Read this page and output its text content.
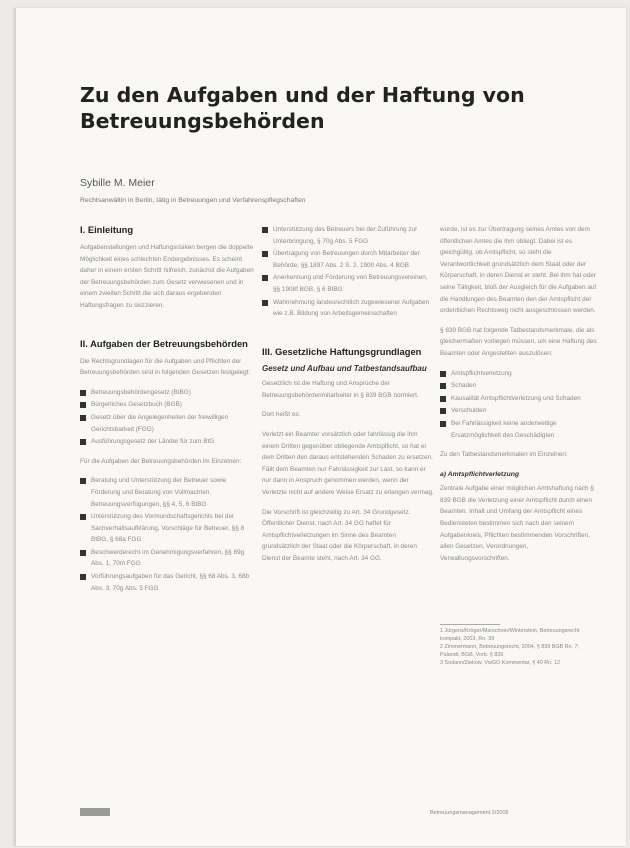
Zu den Aufgaben und der Haftung von Betreuungsbehörden
Sybille M. Meier
Rechtsanwältin in Berlin, tätig in Betreuungen und Verfahrenspflegschaften
I. Einleitung

Aufgabenstellungen und Haftungsrisiken bergen die doppelte Möglichkeit eines schlechten Endergebnisses. Es scheint daher in einem ersten Schritt hilfreich, zunächst die Aufgaben der Betreuungsbehörden zum Gesetz verwiesenen und in einem zweiten Schritt die sich daraus ergebenden Haftungsfragen zu skizzieren.

II. Aufgaben der Betreuungsbehörden

Die Rechtsgrundlagen für die Aufgaben und Pflichten der Betreuungsbehörden sind in folgenden Gesetzen festgelegt:

Betreuungsbehördengesetz (BtBG)
Bürgerliches Gesetzbuch (BGB)
Gesetz über die Angelegenheiten der freiwilligen Gerichtsbarkeit (FGG)
Ausführungsgesetz der Länder für zum BtG

Für die Aufgaben der Betreuungsbehörden im Einzelnen:

Beratung und Unterstützung der Betreuer sowie Förderung und Beratung von Vollmachten, Betreuungsverfügungen, §§ 4, 5, 6 BtBG
Unterstützung des Vormundschaftsgerichts bei der Sachverhaltsaufklärung, Vorschläge für Betreuer, §§ 8 BtBG, § 68a FGG
Beschwerderecht im Genehmigungsverfahren, §§ 69g Abs. 1, 70m FGG
Vorführungsaufgaben für das Gericht, §§ 68 Abs. 3, 68b Abs. 3, 70g Abs. 5 FGG
Unterstützung des Betreuers bei der Zuführung zur Unterbringung, § 70g Abs. 5 FGG
Übertragung von Betreuungen durch Mitarbeiter der Behörde, §§ 1897 Abs. 2 S. 2, 1900 Abs. 4 BGB
Anerkennung und Förderung von Betreuungsvereinen, §§ 1908f BGB, § 6 BtBG
Wahrnehmung landesrechtlich zugewiesener Aufgaben wie z.B. Bildung von Arbeitsgemeinschaften
III. Gesetzliche Haftungsgrundlagen
Gesetz und Aufbau und Tatbestandsaufbau

Gesetzlich ist die Haftung und Ansprüche der Betreuungsbehördenmitarbeiter in § 839 BGB normiert.

Dort heißt es:

Verletzt ein Beamter vorsätzlich oder fahrlässig die ihm einem Dritten gegenüber obliegende Amtspflicht, so hat er dem Dritten den daraus entstehenden Schaden zu ersetzen. Fällt dem Beamten nur Fahrlässigkeit zur Last, so kann er nur dann in Anspruch genommen werden, wenn der Verletzte nicht auf andere Weise Ersatz zu erlangen vermag.

Die Vorschrift ist gleichzeitig zu Art. 34 Grundgesetz. Öffentlicher Dienst, nach Art. 34 GG haftet für Amtspflichtverletzungen im Sinne des Beamten grundsätzlich der Staat oder die Körperschaft, in deren Dienst der Beamte steht, nach Art. 34 GG.

wurde, ist es zur Übertragung seines Amtes von dem öffentlichen Amtes die ihm obliegt. Dabei ist es gleichgültig, ob Amtspflicht, so steht die Verantwortlichkeit grundsätzlich dem Staat oder der Körperschaft, in deren Dienst er steht. Bei ihm hat oder seine Tätigkeit, bloß der Ausgleich für die Aufgaben auf die Handlungen des Beamten den der Amtspflicht der ordentlichen Rechtsweg nicht ausgeschlossen werden.

§ 839 BGB hat folgende Tatbestandsmerkmale, die als gleichermaßen vorliegen müssen, um eine Haftung des Beamten oder Angestellten auszulösen:

Amtspflichtverletzung
Schaden
Kausalität Amtspflichtverletzung und Schaden
Verschulden
Bei Fahrlässigkeit keine anderweitige Ersatzmöglichkeit des Geschädigten

Zu den Tatbestandsmerkmalen im Einzelnen:

a) Amtspflichtverletzung

Zentrale Aufgabe einer möglichen Amtshaftung nach § 839 BGB die Verletzung einer Amtspflicht durch einen Beamten. Inhalt und Umfang der Amtspflicht eines Bediensteten bestimmen sich nach den seinem Aufgabenkreis, Pflichten bestimmenden Vorschriften, allen Gesetzen, Verordnungen, Verwaltungsvorschriften.

1 Jürgens/Kröger/Marschner/Winterstein, Betreuungsrecht kompakt, 2003, Rn. 39
2 Zimmermann, Betreuungsrecht, 2004, § 839 BGB Rn. 7; Palandt, BGB, Vorb. § 839
3 Sodann/Ziekow, VwGO Kommentar, § 40 Rn. 12
Betreuungsmanagement 2/2005
